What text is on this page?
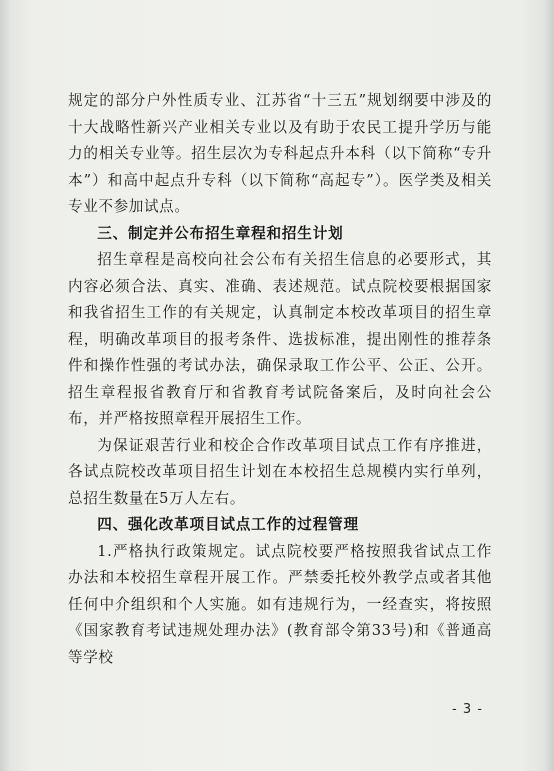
规定的部分户外性质专业、江苏省“十三五”规划纲要中涉及的十大战略性新兴产业相关专业以及有助于农民工提升学历与能力的相关专业等。招生层次为专科起点升本科（以下简称“专升本”）和高中起点升专科（以下简称“高起专”）。医学类及相关专业不参加试点。

三、制定并公布招生章程和招生计划

招生章程是高校向社会公布有关招生信息的必要形式，其内容必须合法、真实、准确、表述规范。试点院校要根据国家和我省招生工作的有关规定，认真制定本校改革项目的招生章程，明确改革项目的报考条件、选拔标准，提出刚性的推荐条件和操作性强的考试办法，确保录取工作公平、公正、公开。招生章程报省教育厅和省教育考试院备案后，及时向社会公布，并严格按照章程开展招生工作。

为保证艰苦行业和校企合作改革项目试点工作有序推进，各试点院校改革项目招生计划在本校招生总规模内实行单列，总招生数量在5万人左右。

四、强化改革项目试点工作的过程管理

1.严格执行政策规定。试点院校要严格按照我省试点工作办法和本校招生章程开展工作。严禁委托校外教学点或者其他任何中介组织和个人实施。如有违规行为，一经查实，将按照《国家教育考试违规处理办法》(教育部令第33号)和《普通高等学校

- 3 -
